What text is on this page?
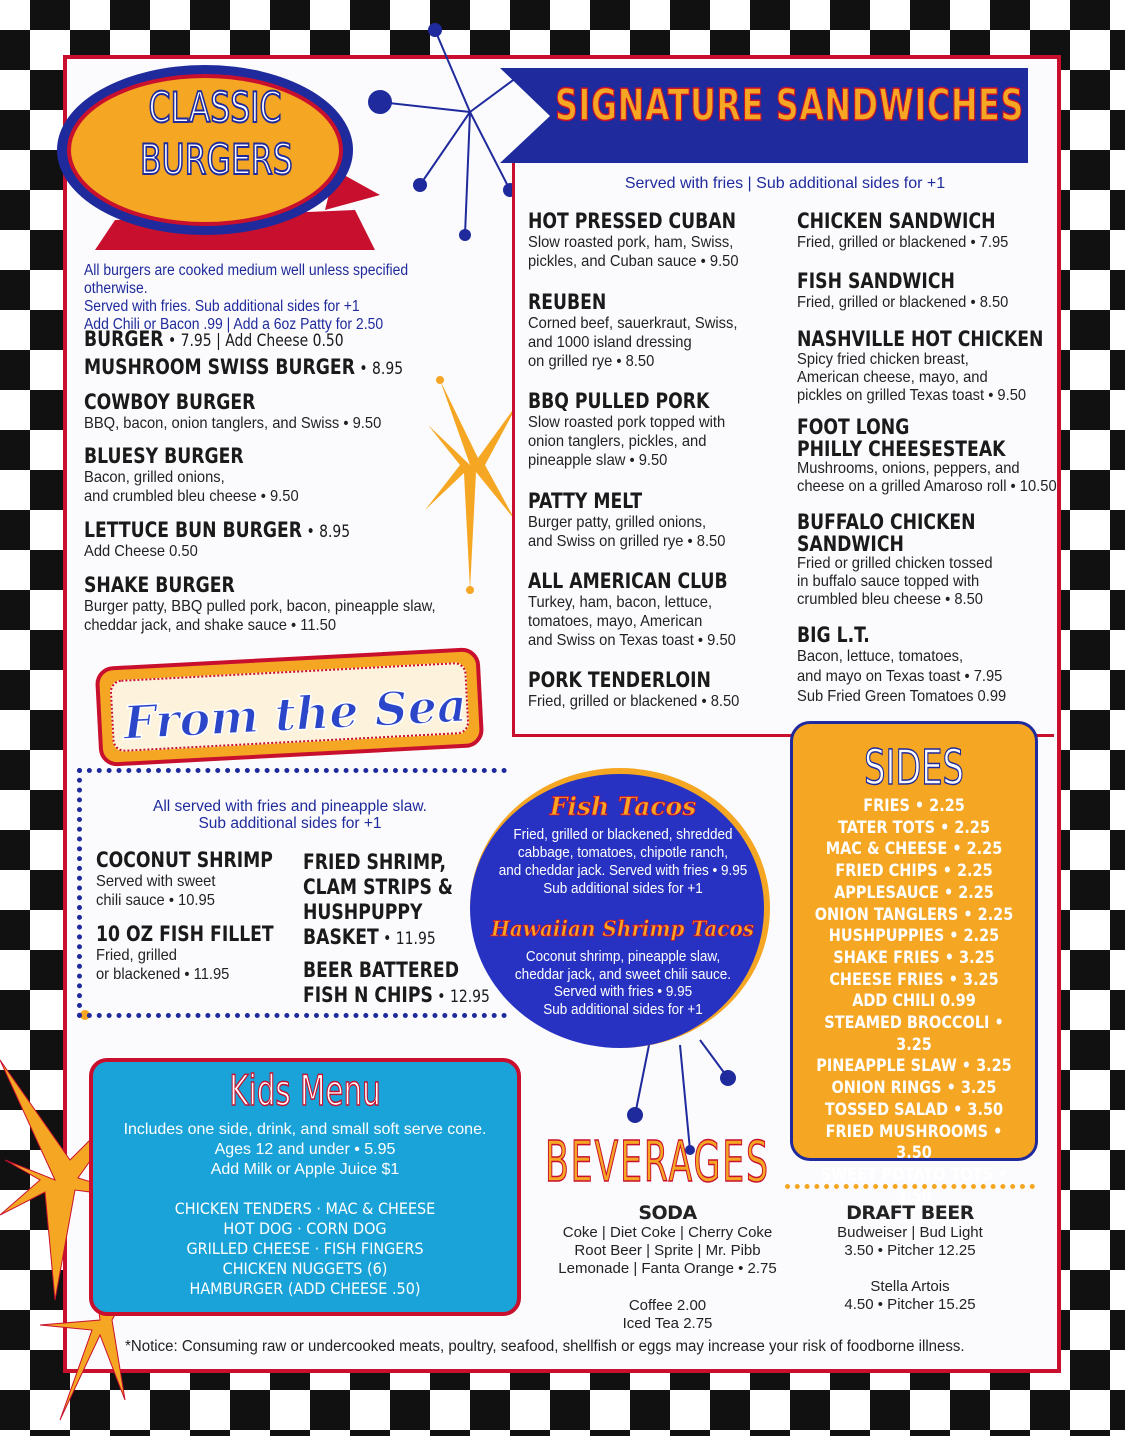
CLASSIC
BURGERS
SIGNATURE SANDWICHES
Served with fries | Sub additional sides for +1
All burgers are cooked medium well unless specified otherwise.
Served with fries. Sub additional sides for +1
Add Chili or Bacon .99 | Add a 6oz Patty for 2.50
BURGER • 7.95 | Add Cheese 0.50
MUSHROOM SWISS BURGER • 8.95
COWBOY BURGER
BBQ, bacon, onion tanglers, and Swiss • 9.50
BLUESY BURGER
Bacon, grilled onions,
and crumbled bleu cheese • 9.50
LETTUCE BUN BURGER • 8.95
Add Cheese 0.50
SHAKE BURGER
Burger patty, BBQ pulled pork, bacon, pineapple slaw,
cheddar jack, and shake sauce • 11.50
HOT PRESSED CUBAN
Slow roasted pork, ham, Swiss,
pickles, and Cuban sauce • 9.50
REUBEN
Corned beef, sauerkraut, Swiss,
and 1000 island dressing
on grilled rye • 8.50
BBQ PULLED PORK
Slow roasted pork topped with
onion tanglers, pickles, and
pineapple slaw • 9.50
PATTY MELT
Burger patty, grilled onions,
and Swiss on grilled rye • 8.50
ALL AMERICAN CLUB
Turkey, ham, bacon, lettuce,
tomatoes, mayo, American
and Swiss on Texas toast • 9.50
PORK TENDERLOIN
Fried, grilled or blackened • 8.50
CHICKEN SANDWICH
Fried, grilled or blackened • 7.95
FISH SANDWICH
Fried, grilled or blackened • 8.50
NASHVILLE HOT CHICKEN
Spicy fried chicken breast,
American cheese, mayo, and
pickles on grilled Texas toast • 9.50
FOOT LONG
PHILLY CHEESESTEAK
Mushrooms, onions, peppers, and
cheese on a grilled Amaroso roll • 10.50
BUFFALO CHICKEN
SANDWICH
Fried or grilled chicken tossed
in buffalo sauce topped with
crumbled bleu cheese • 8.50
BIG L.T.
Bacon, lettuce, tomatoes,
and mayo on Texas toast • 7.95
Sub Fried Green Tomatoes 0.99
From the Sea
All served with fries and pineapple slaw.
Sub additional sides for +1
COCONUT SHRIMP
Served with sweet
chili sauce • 10.95
10 OZ FISH FILLET
Fried, grilled
or blackened • 11.95
FRIED SHRIMP,
CLAM STRIPS &
HUSHPUPPY
BASKET • 11.95
BEER BATTERED
FISH N CHIPS • 12.95
Fish Tacos
Fried, grilled or blackened, shredded
cabbage, tomatoes, chipotle ranch,
and cheddar jack. Served with fries • 9.95
Sub additional sides for +1
Hawaiian Shrimp Tacos
Coconut shrimp, pineapple slaw,
cheddar jack, and sweet chili sauce.
Served with fries • 9.95
Sub additional sides for +1
SIDES
FRIES • 2.25
TATER TOTS • 2.25
MAC & CHEESE • 2.25
FRIED CHIPS • 2.25
APPLESAUCE • 2.25
ONION TANGLERS • 2.25
HUSHPUPPIES • 2.25
SHAKE FRIES • 3.25
CHEESE FRIES • 3.25
ADD CHILI 0.99
STEAMED BROCCOLI • 3.25
PINEAPPLE SLAW • 3.25
ONION RINGS • 3.25
TOSSED SALAD • 3.50
FRIED MUSHROOMS • 3.50
SWEET POTATO TOTS • 3.50
Kids Menu
Includes one side, drink, and small soft serve cone.
Ages 12 and under • 5.95
Add Milk or Apple Juice $1
CHICKEN TENDERS · MAC & CHEESE
HOT DOG · CORN DOG
GRILLED CHEESE · FISH FINGERS
CHICKEN NUGGETS (6)
HAMBURGER (ADD CHEESE .50)
BEVERAGES
SODA
Coke | Diet Coke | Cherry Coke
Root Beer | Sprite | Mr. Pibb
Lemonade | Fanta Orange • 2.75
Coffee 2.00
Iced Tea 2.75
DRAFT BEER
Budweiser | Bud Light
3.50 • Pitcher 12.25
Stella Artois
4.50 • Pitcher 15.25
*Notice: Consuming raw or undercooked meats, poultry, seafood, shellfish or eggs may increase your risk of foodborne illness.
